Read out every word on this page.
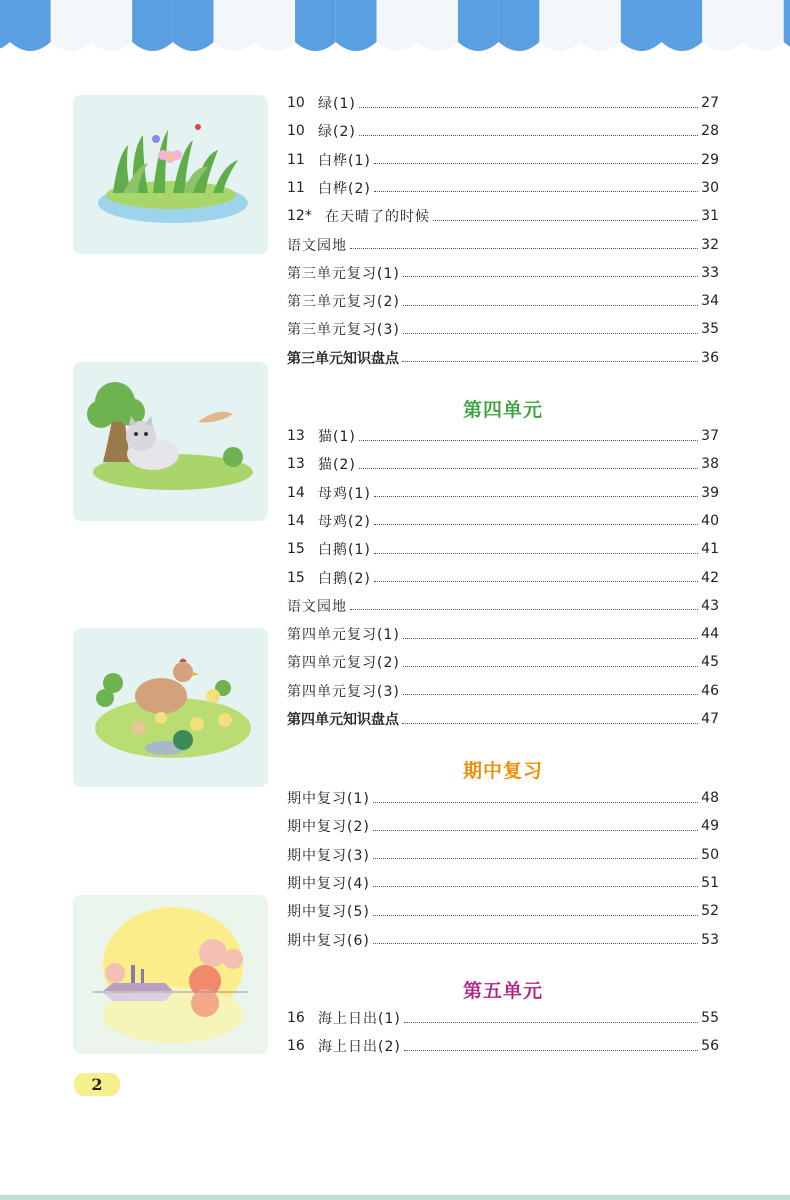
10 绿(1)	27
10 绿(2)	28
11 白桦(1)	29
11 白桦(2)	30
12* 在天晴了的时候	31
语文园地	32
第三单元复习(1)	33
第三单元复习(2)	34
第三单元复习(3)	35
第三单元知识盘点	36
第四单元
13 猫(1)	37
13 猫(2)	38
14 母鸡(1)	39
14 母鸡(2)	40
15 白鹅(1)	41
15 白鹅(2)	42
语文园地	43
第四单元复习(1)	44
第四单元复习(2)	45
第四单元复习(3)	46
第四单元知识盘点	47
期中复习
期中复习(1)	48
期中复习(2)	49
期中复习(3)	50
期中复习(4)	51
期中复习(5)	52
期中复习(6)	53
第五单元
16 海上日出(1)	55
16 海上日出(2)	56
2
